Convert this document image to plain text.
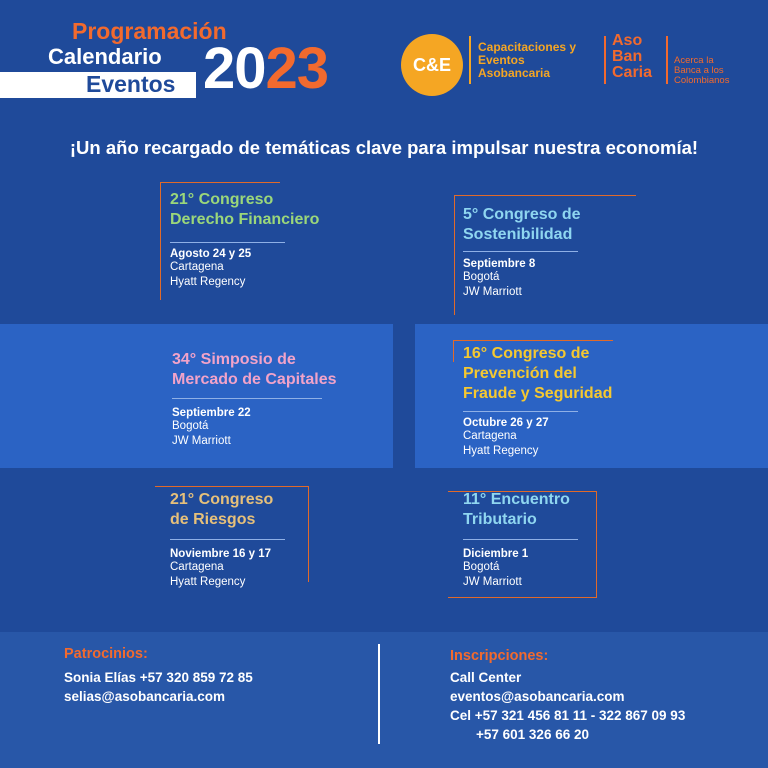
Programación
Calendario
Eventos 2023	C&E
Capacitaciones y
Eventos
Asobancaria
Aso
Ban
Caria
Acerca la
Banca a los
Colombianos
¡Un año recargado de temáticas clave para impulsar nuestra economía!
21° Congreso
Derecho Financiero
Agosto 24 y 25
Cartagena
Hyatt Regency
5° Congreso de
Sostenibilidad
Septiembre 8
Bogotá
JW Marriott
34° Simposio de
Mercado de Capitales
Septiembre 22
Bogotá
JW Marriott
16° Congreso de
Prevención del
Fraude y Seguridad
Octubre 26 y 27
Cartagena
Hyatt Regency
21° Congreso
de Riesgos
Noviembre 16 y 17
Cartagena
Hyatt Regency
11° Encuentro
Tributario
Diciembre 1
Bogotá
JW Marriott
Patrocinios:
Sonia Elías +57 320 859 72 85
selias@asobancaria.com
Inscripciones:
Call Center
eventos@asobancaria.com
Cel +57 321 456 81 11 - 322 867 09 93
+57 601 326 66 20
